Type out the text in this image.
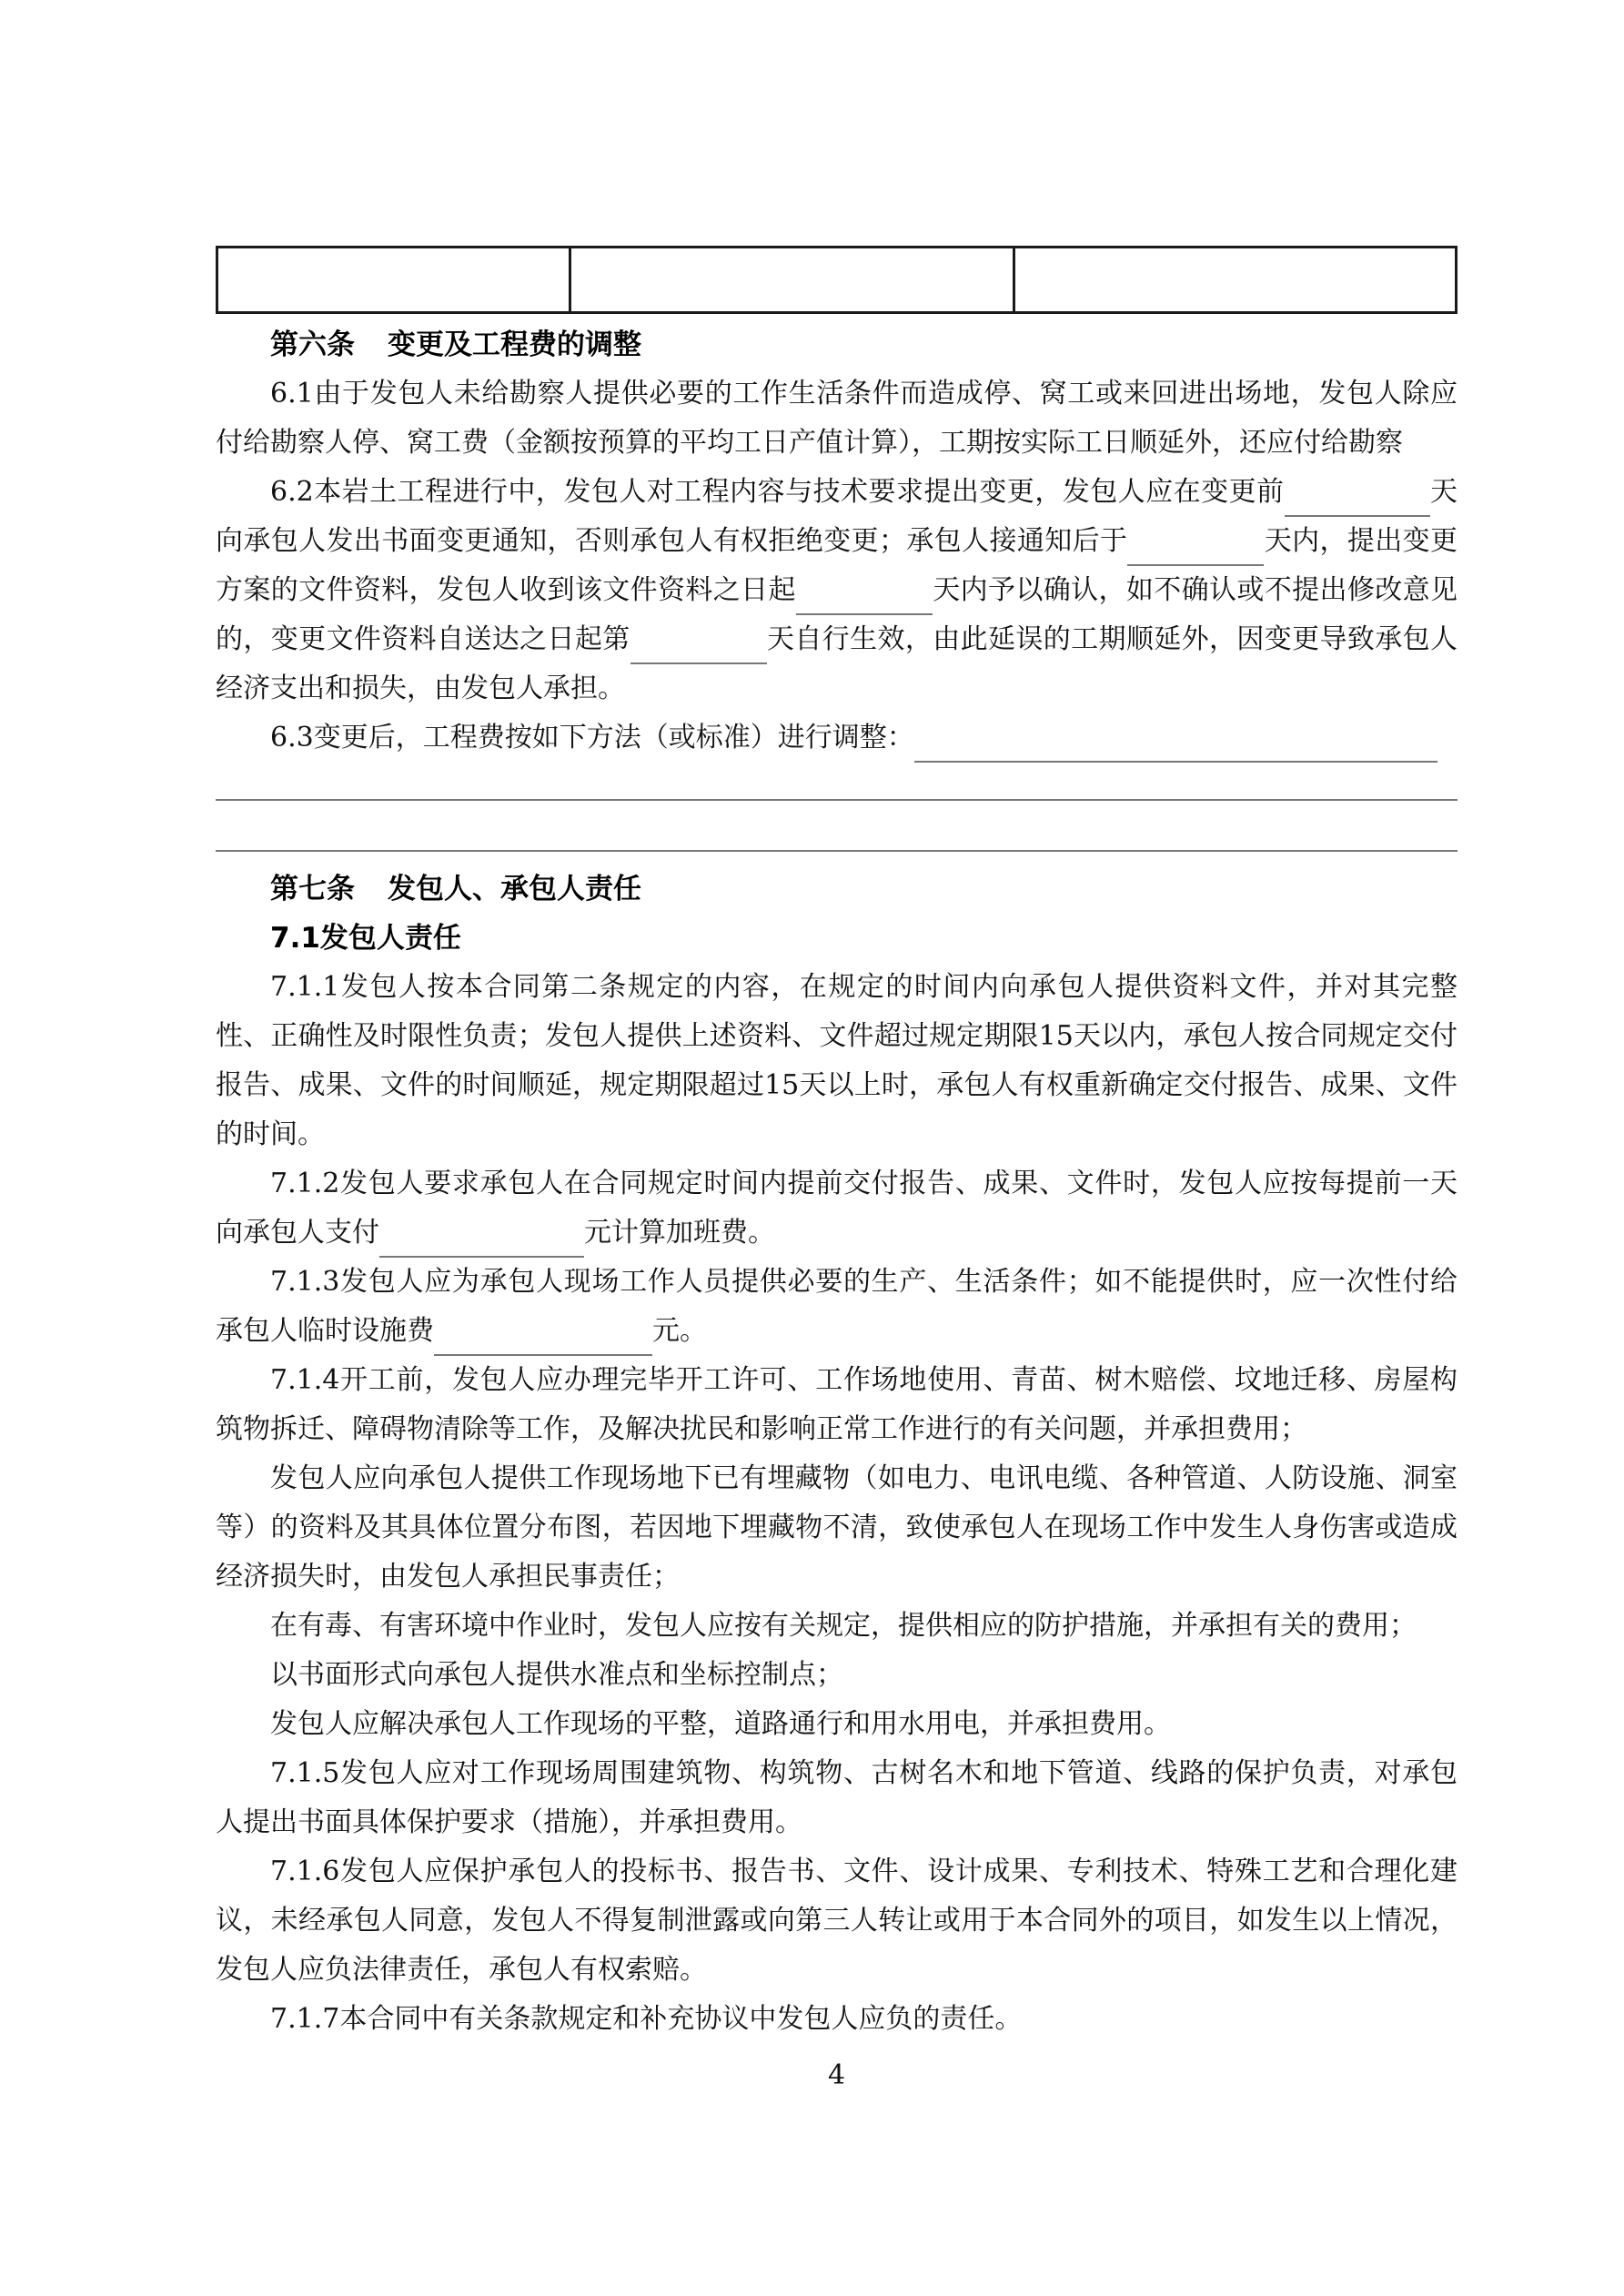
第六条 变更及工程费的调整

6.1由于发包人未给勘察人提供必要的工作生活条件而造成停、窝工或来回进出场地，发包人除应付给勘察人停、窝工费（金额按预算的平均工日产值计算），工期按实际工日顺延外，还应付给勘察

6.2本岩土工程进行中，发包人对工程内容与技术要求提出变更，发包人应在变更前	天向承包人发出书面变更通知，否则承包人有权拒绝变更；承包人接通知后于	天内，提出变更方案的文件资料，发包人收到该文件资料之日起	天内予以确认，如不确认或不提出修改意见的，变更文件资料自送达之日起第	天自行生效，由此延误的工期顺延外，因变更导致承包人经济支出和损失，由发包人承担。

6.3变更后，工程费按如下方法（或标准）进行调整：

第七条 发包人、承包人责任
7.1发包人责任

7.1.1发包人按本合同第二条规定的内容，在规定的时间内向承包人提供资料文件，并对其完整性、正确性及时限性负责；发包人提供上述资料、文件超过规定期限15天以内，承包人按合同规定交付报告、成果、文件的时间顺延，规定期限超过15天以上时，承包人有权重新确定交付报告、成果、文件的时间。

7.1.2发包人要求承包人在合同规定时间内提前交付报告、成果、文件时，发包人应按每提前一天向承包人支付	元计算加班费。

7.1.3发包人应为承包人现场工作人员提供必要的生产、生活条件；如不能提供时，应一次性付给承包人临时设施费	元。

7.1.4开工前，发包人应办理完毕开工许可、工作场地使用、青苗、树木赔偿、坟地迁移、房屋构筑物拆迁、障碍物清除等工作，及解决扰民和影响正常工作进行的有关问题，并承担费用；

发包人应向承包人提供工作现场地下已有埋藏物（如电力、电讯电缆、各种管道、人防设施、洞室等）的资料及其具体位置分布图，若因地下埋藏物不清，致使承包人在现场工作中发生人身伤害或造成经济损失时，由发包人承担民事责任；

在有毒、有害环境中作业时，发包人应按有关规定，提供相应的防护措施，并承担有关的费用；

以书面形式向承包人提供水准点和坐标控制点；

发包人应解决承包人工作现场的平整，道路通行和用水用电，并承担费用。

7.1.5发包人应对工作现场周围建筑物、构筑物、古树名木和地下管道、线路的保护负责，对承包人提出书面具体保护要求（措施），并承担费用。

7.1.6发包人应保护承包人的投标书、报告书、文件、设计成果、专利技术、特殊工艺和合理化建议，未经承包人同意，发包人不得复制泄露或向第三人转让或用于本合同外的项目，如发生以上情况，发包人应负法律责任，承包人有权索赔。

7.1.7本合同中有关条款规定和补充协议中发包人应负的责任。

4
